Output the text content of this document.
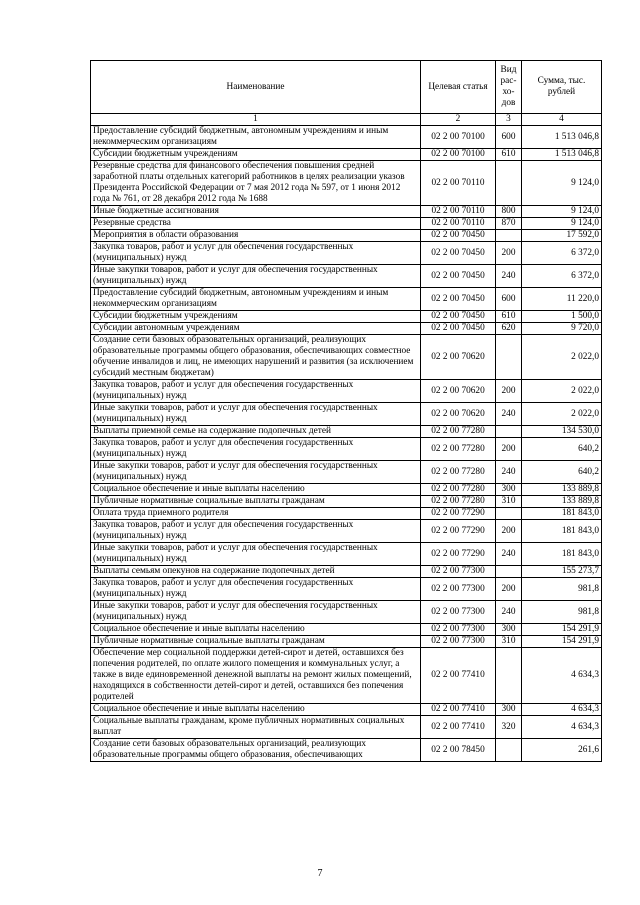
Наименование	Целевая статья	Вид рас-хо-дов	Сумма, тыс. рублей
1	2	3	4
Предоставление субсидий бюджетным, автономным учреждениям и иным некоммерческим организациям	02 2 00 70100	600	1 513 046,8
Субсидии бюджетным учреждениям	02 2 00 70100	610	1 513 046,8
Резервные средства для финансового обеспечения повышения средней заработной платы отдельных категорий работников в целях реализации указов Президента Российской Федерации от 7 мая 2012 года № 597, от 1 июня 2012 года № 761, от 28 декабря 2012 года № 1688	02 2 00 70110		9 124,0
Иные бюджетные ассигнования	02 2 00 70110	800	9 124,0
Резервные средства	02 2 00 70110	870	9 124,0
Мероприятия в области образования	02 2 00 70450		17 592,0
Закупка товаров, работ и услуг для обеспечения государственных (муниципальных) нужд	02 2 00 70450	200	6 372,0
Иные закупки товаров, работ и услуг для обеспечения государственных (муниципальных) нужд	02 2 00 70450	240	6 372,0
Предоставление субсидий бюджетным, автономным учреждениям и иным некоммерческим организациям	02 2 00 70450	600	11 220,0
Субсидии бюджетным учреждениям	02 2 00 70450	610	1 500,0
Субсидии автономным учреждениям	02 2 00 70450	620	9 720,0
Создание сети базовых образовательных организаций, реализующих образовательные программы общего образования, обеспечивающих совместное обучение инвалидов и лиц, не имеющих нарушений и развития (за исключением субсидий местным бюджетам)	02 2 00 70620		2 022,0
Закупка товаров, работ и услуг для обеспечения государственных (муниципальных) нужд	02 2 00 70620	200	2 022,0
Иные закупки товаров, работ и услуг для обеспечения государственных (муниципальных) нужд	02 2 00 70620	240	2 022,0
Выплаты приемной семье на содержание подопечных детей	02 2 00 77280		134 530,0
Закупка товаров, работ и услуг для обеспечения государственных (муниципальных) нужд	02 2 00 77280	200	640,2
Иные закупки товаров, работ и услуг для обеспечения государственных (муниципальных) нужд	02 2 00 77280	240	640,2
Социальное обеспечение и иные выплаты населению	02 2 00 77280	300	133 889,8
Публичные нормативные социальные выплаты гражданам	02 2 00 77280	310	133 889,8
Оплата труда приемного родителя	02 2 00 77290		181 843,0
Закупка товаров, работ и услуг для обеспечения государственных (муниципальных) нужд	02 2 00 77290	200	181 843,0
Иные закупки товаров, работ и услуг для обеспечения государственных (муниципальных) нужд	02 2 00 77290	240	181 843,0
Выплаты семьям опекунов на содержание подопечных детей	02 2 00 77300		155 273,7
Закупка товаров, работ и услуг для обеспечения государственных (муниципальных) нужд	02 2 00 77300	200	981,8
Иные закупки товаров, работ и услуг для обеспечения государственных (муниципальных) нужд	02 2 00 77300	240	981,8
Социальное обеспечение и иные выплаты населению	02 2 00 77300	300	154 291,9
Публичные нормативные социальные выплаты гражданам	02 2 00 77300	310	154 291,9
Обеспечение мер социальной поддержки детей-сирот и детей, оставшихся без попечения родителей, по оплате жилого помещения и коммунальных услуг, а также в виде единовременной денежной выплаты на ремонт жилых помещений, находящихся в собственности детей-сирот и детей, оставшихся без попечения родителей	02 2 00 77410		4 634,3
Социальное обеспечение и иные выплаты населению	02 2 00 77410	300	4 634,3
Социальные выплаты гражданам, кроме публичных нормативных социальных выплат	02 2 00 77410	320	4 634,3
Создание сети базовых образовательных организаций, реализующих образовательные программы общего образования, обеспечивающих	02 2 00 78450		261,6
7
